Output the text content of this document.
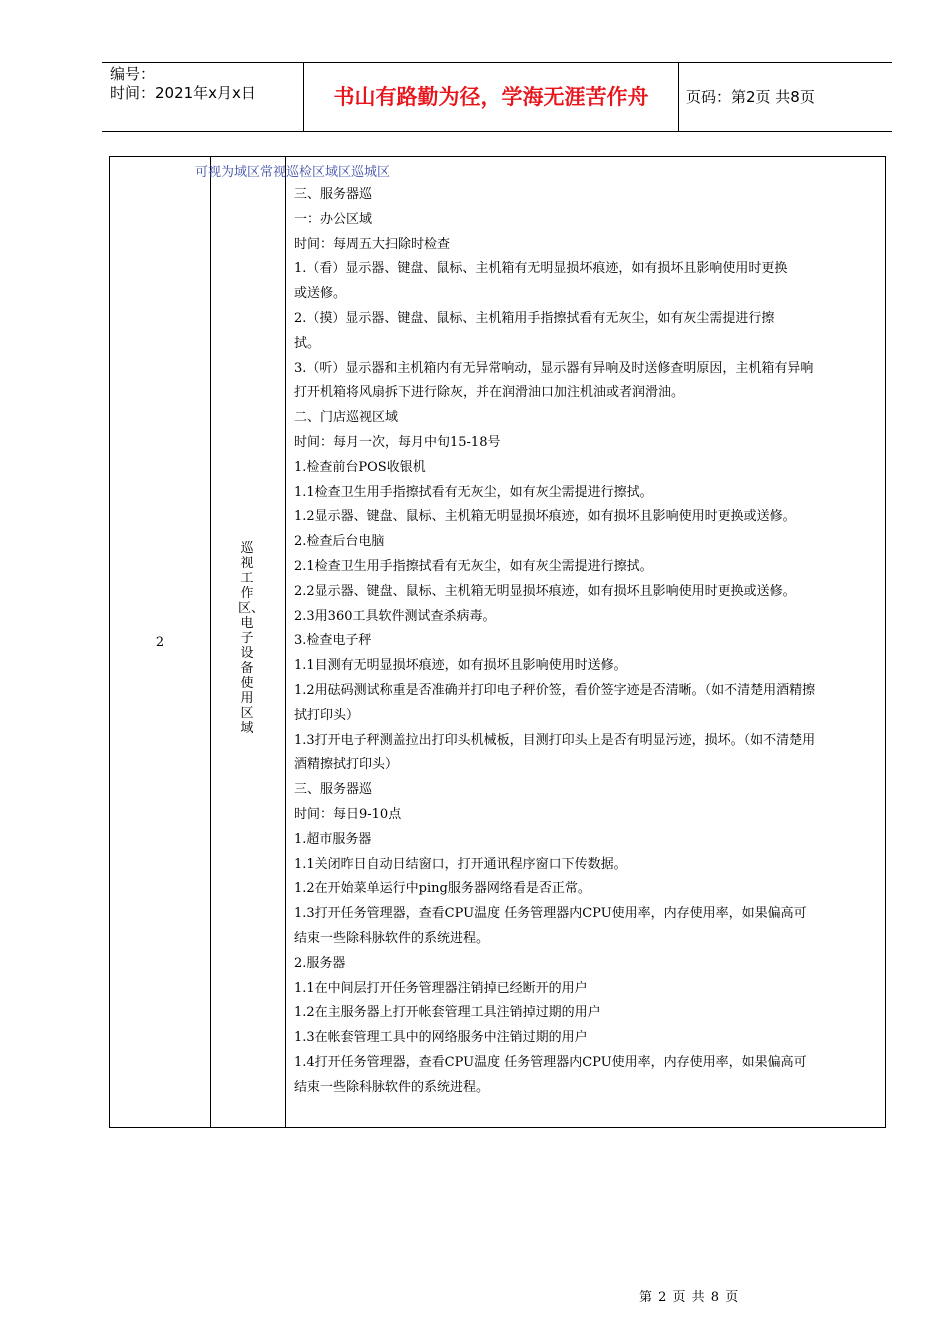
编号：
时间：2021年x月x日	书山有路勤为径，学海无涯苦作舟	页码：第2页 共8页
2
巡视工作区、电子设备使用区域
可视为域区常视巡检区域区巡城区
三、服务器巡
一：办公区域
时间：每周五大扫除时检查
1.（看）显示器、键盘、鼠标、主机箱有无明显损坏痕迹，如有损坏且影响使用时更换
或送修。
2.（摸）显示器、键盘、鼠标、主机箱用手指擦拭看有无灰尘，如有灰尘需提进行擦
拭。
3.（听）显示器和主机箱内有无异常响动，显示器有异响及时送修查明原因，主机箱有异响
打开机箱将风扇拆下进行除灰，并在润滑油口加注机油或者润滑油。
二、门店巡视区域
时间：每月一次，每月中旬15-18号
1.检查前台POS收银机
1.1检查卫生用手指擦拭看有无灰尘，如有灰尘需提进行擦拭。
1.2显示器、键盘、鼠标、主机箱无明显损坏痕迹，如有损坏且影响使用时更换或送修。
2.检查后台电脑
2.1检查卫生用手指擦拭看有无灰尘，如有灰尘需提进行擦拭。
2.2显示器、键盘、鼠标、主机箱无明显损坏痕迹，如有损坏且影响使用时更换或送修。
2.3用360工具软件测试查杀病毒。
3.检查电子秤
1.1目测有无明显损坏痕迹，如有损坏且影响使用时送修。
1.2用砝码测试称重是否准确并打印电子秤价签，看价签字迹是否清晰。（如不清楚用酒精擦
拭打印头）
1.3打开电子秤测盖拉出打印头机械板，目测打印头上是否有明显污迹，损坏。（如不清楚用
酒精擦拭打印头）
三、服务器巡
时间：每日9-10点
1.超市服务器
1.1关闭昨日自动日结窗口，打开通讯程序窗口下传数据。
1.2在开始菜单运行中ping服务器网络看是否正常。
1.3打开任务管理器，查看CPU温度 任务管理器内CPU使用率，内存使用率，如果偏高可
结束一些除科脉软件的系统进程。
2.服务器
1.1在中间层打开任务管理器注销掉已经断开的用户
1.2在主服务器上打开帐套管理工具注销掉过期的用户
1.3在帐套管理工具中的网络服务中注销过期的用户
1.4打开任务管理器，查看CPU温度 任务管理器内CPU使用率，内存使用率，如果偏高可
结束一些除科脉软件的系统进程。
第 2 页 共 8 页
